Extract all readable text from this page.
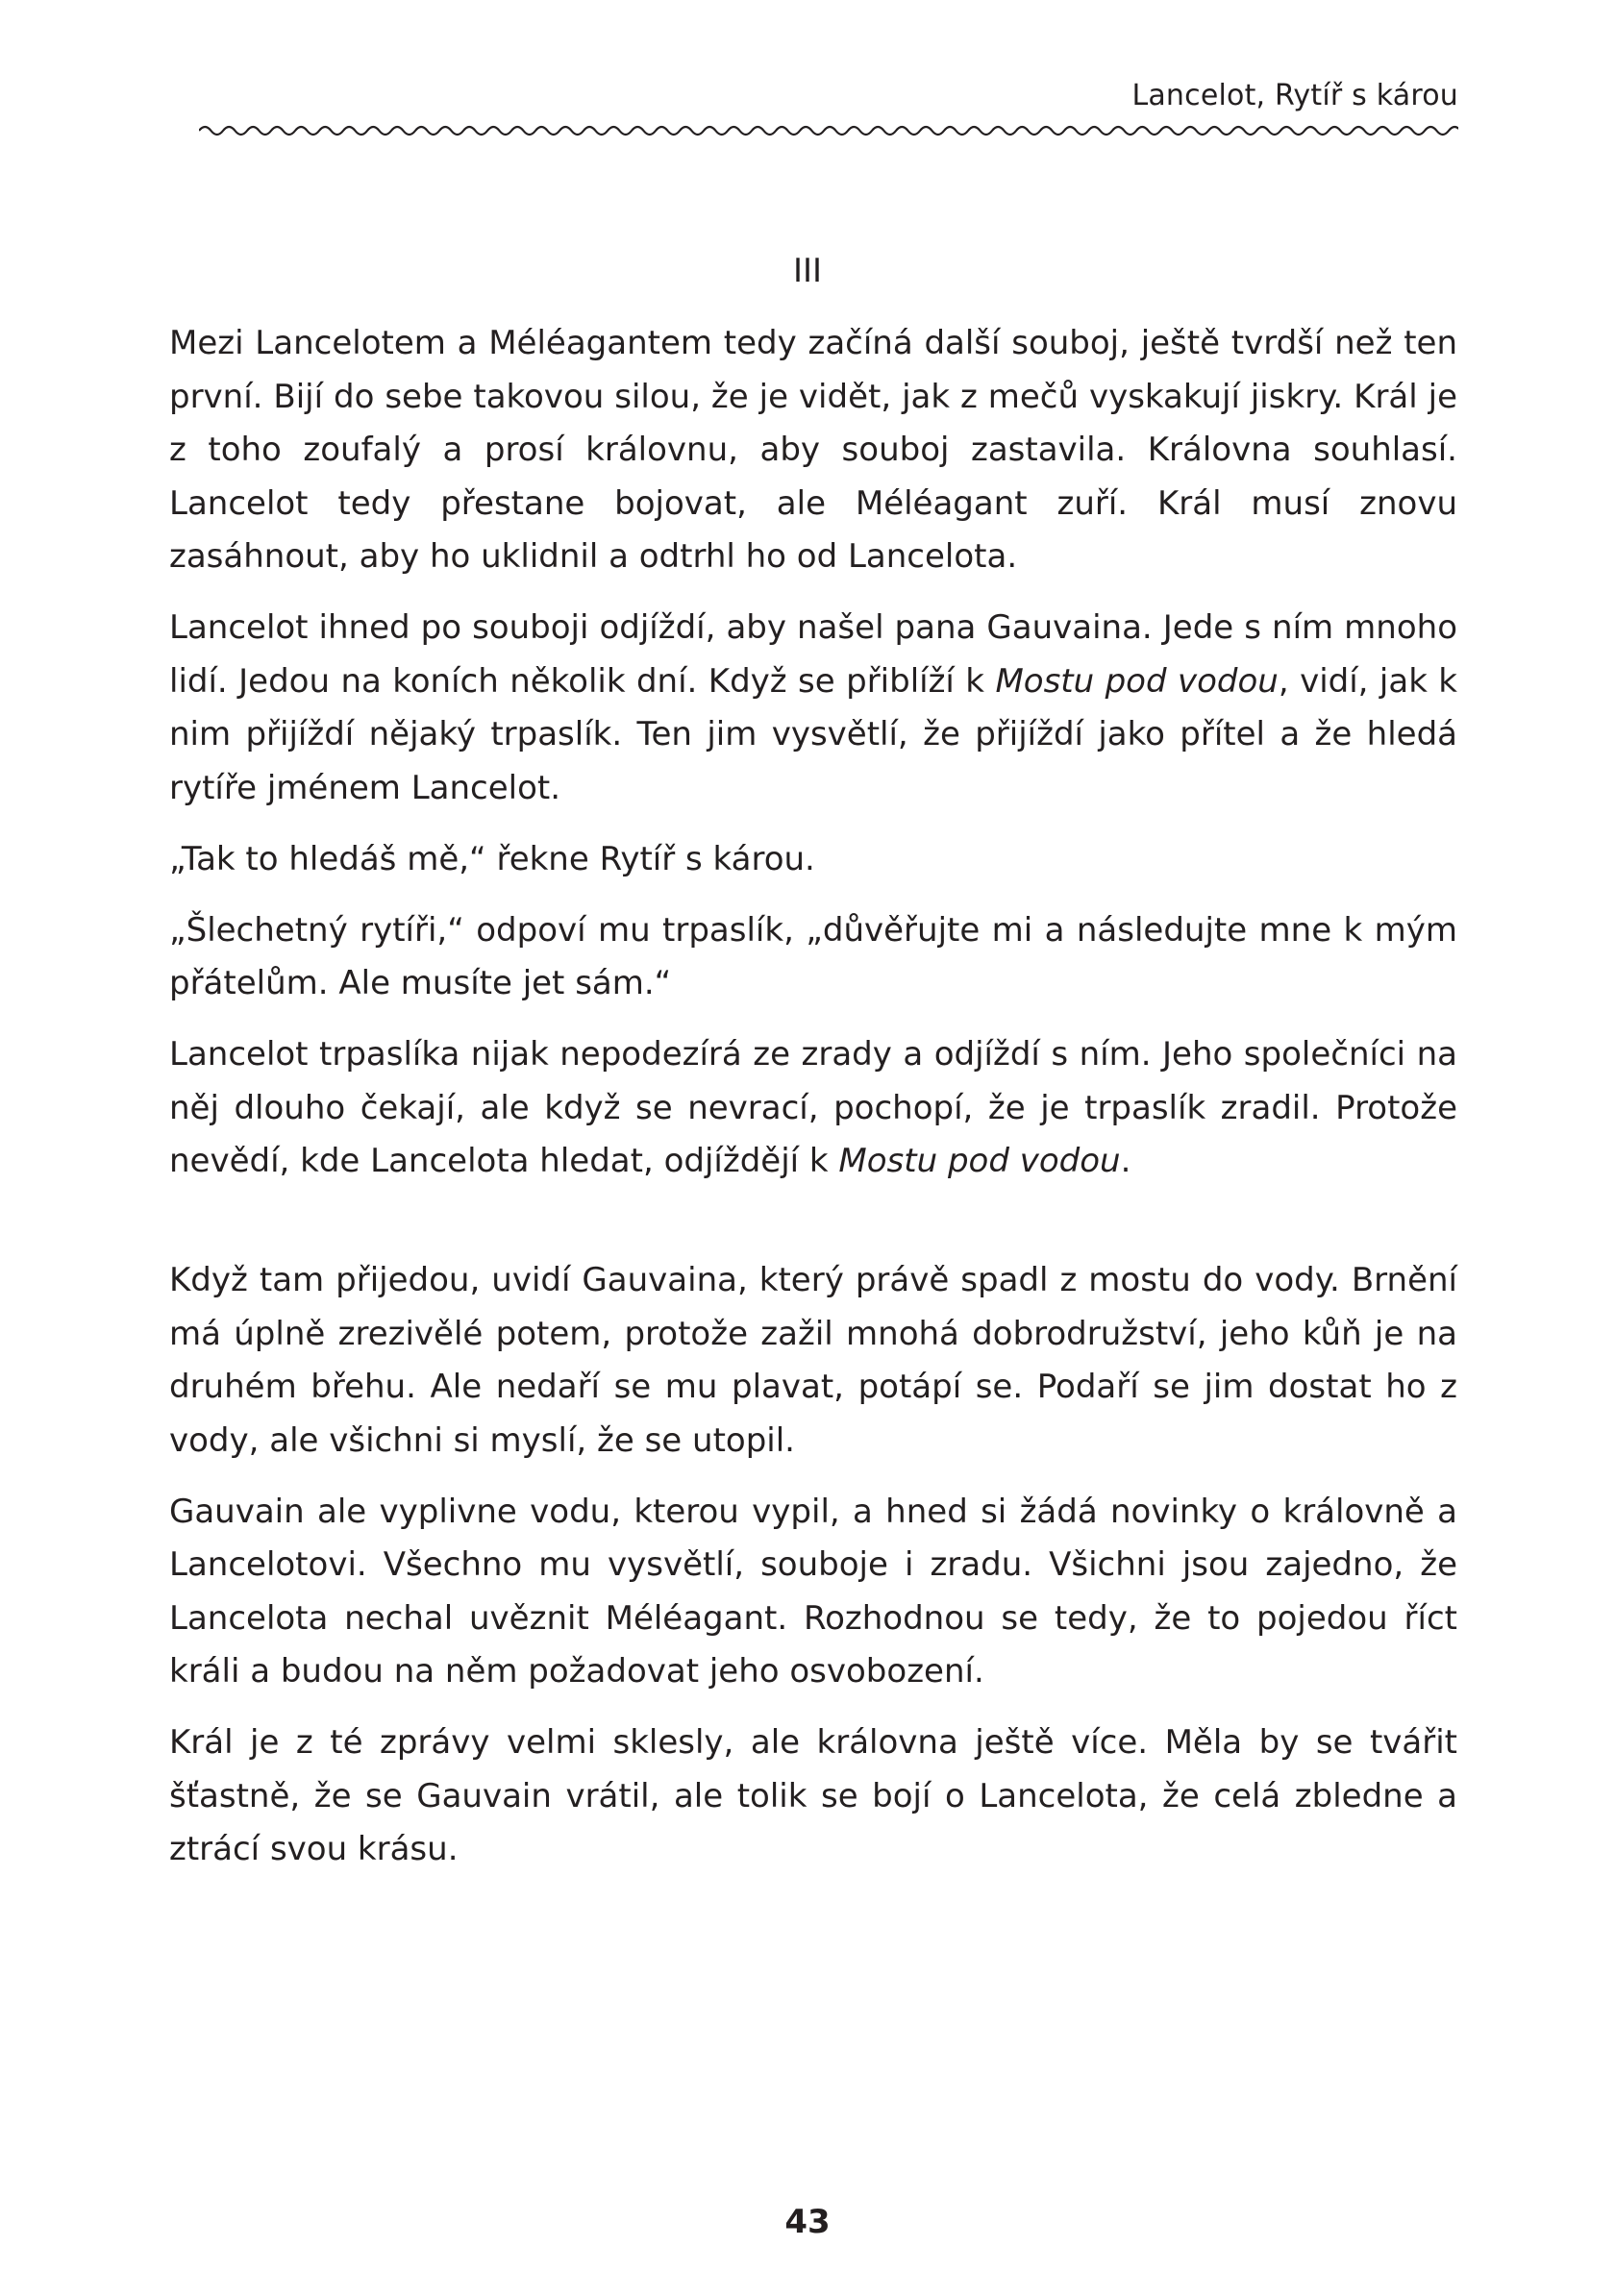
Lancelot, Rytíř s károu
III

Mezi Lancelotem a Méléagantem tedy začíná další souboj, ještě tvrdší než ten první. Bijí do sebe takovou silou, že je vidět, jak z mečů vyskakují jiskry. Král je z toho zoufalý a prosí královnu, aby souboj zastavila. Královna souhlasí. Lancelot tedy přestane bojovat, ale Méléagant zuří. Král musí znovu zasáhnout, aby ho uklidnil a odtrhl ho od Lancelota.

Lancelot ihned po souboji odjíždí, aby našel pana Gauvaina. Jede s ním mnoho lidí. Jedou na koních několik dní. Když se přiblíží k Mostu pod vodou, vidí, jak k nim přijíždí nějaký trpaslík. Ten jim vysvětlí, že přijíždí jako přítel a že hledá rytíře jménem Lancelot.

„Tak to hledáš mě,“ řekne Rytíř s károu.

„Šlechetný rytíři,“ odpoví mu trpaslík, „důvěřujte mi a následujte mne k mým přátelům. Ale musíte jet sám.“

Lancelot trpaslíka nijak nepodezírá ze zrady a odjíždí s ním. Jeho společníci na něj dlouho čekají, ale když se nevrací, pochopí, že je trpaslík zradil. Protože nevědí, kde Lancelota hledat, odjíždějí k Mostu pod vodou.

Když tam přijedou, uvidí Gauvaina, který právě spadl z mostu do vody. Brnění má úplně zrezivělé potem, protože zažil mnohá dobrodružství, jeho kůň je na druhém břehu. Ale nedaří se mu plavat, potápí se. Podaří se jim dostat ho z vody, ale všichni si myslí, že se utopil.

Gauvain ale vyplivne vodu, kterou vypil, a hned si žádá novinky o královně a Lancelotovi. Všechno mu vysvětlí, souboje i zradu. Všichni jsou zajedno, že Lancelota nechal uvěznit Méléagant. Rozhodnou se tedy, že to pojedou říct králi a budou na něm požadovat jeho osvobození.

Král je z té zprávy velmi sklesly, ale královna ještě více. Měla by se tvářit šťastně, že se Gauvain vrátil, ale tolik se bojí o Lancelota, že celá zbledne a ztrácí svou krásu.

43
